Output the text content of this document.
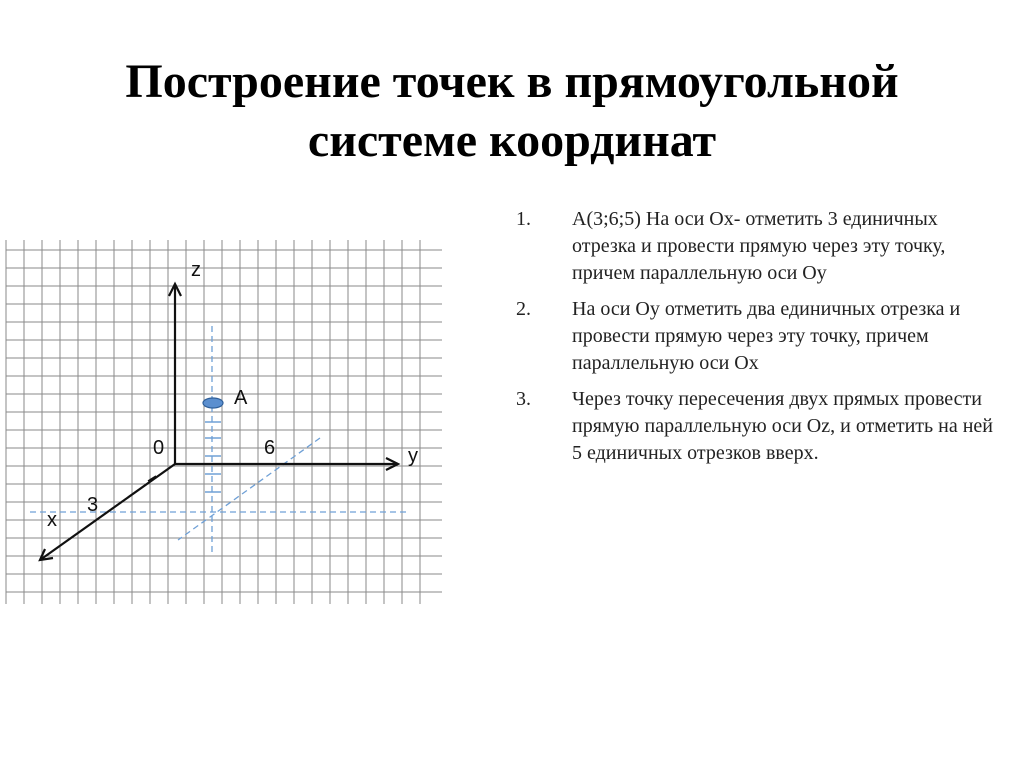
Построение точек в прямоугольной
системе координат
z
y
x
0	6
3
A
1.	А(3;6;5) На оси Ох- отметить 3 единичных отрезка и провести прямую через эту точку, причем параллельную оси Оу
2.	На оси Оу отметить два единичных отрезка и провести прямую через эту точку, причем параллельную оси Ох
3.	Через точку пересечения двух прямых провести прямую параллельную оси Оz, и отметить на ней 5 единичных отрезков вверх.
